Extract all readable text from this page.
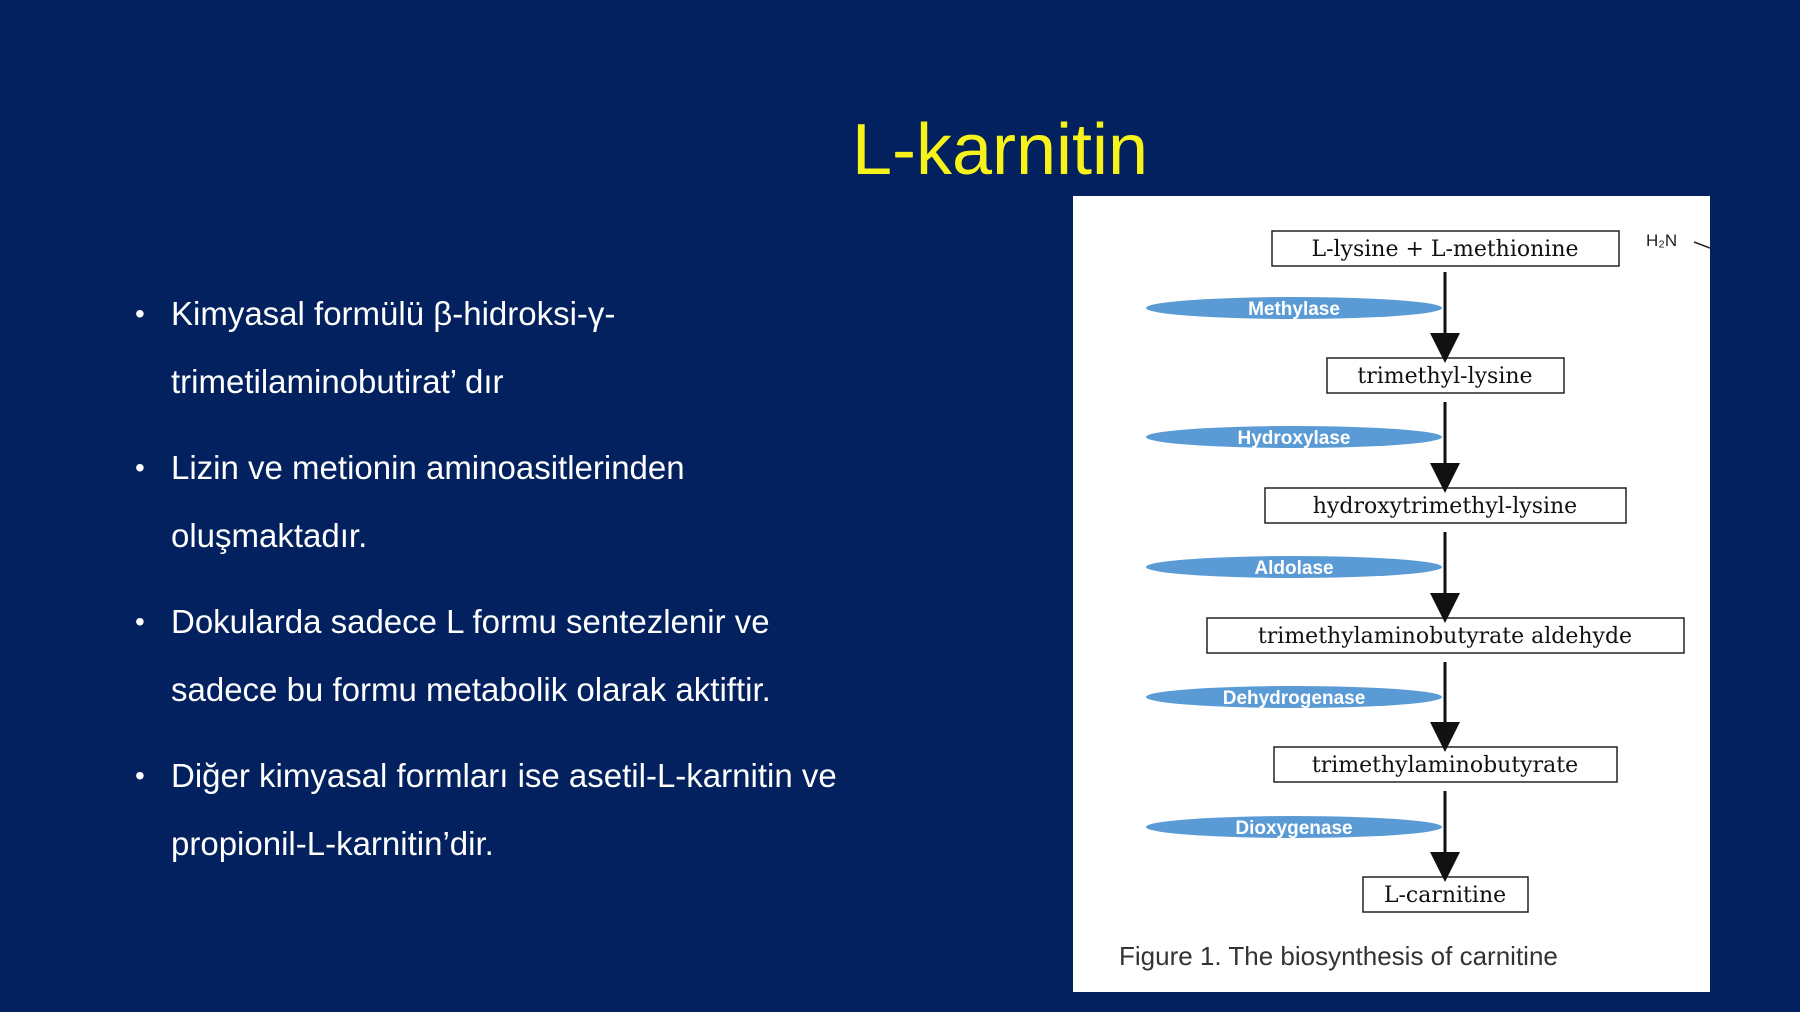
L-karnitin
• Kimyasal formülü β-hidroksi-γ-
trimetilaminobutirat’ dır
• Lizin ve metionin aminoasitlerinden
oluşmaktadır.
• Dokularda sadece L formu sentezlenir ve
sadece bu formu metabolik olarak aktiftir.
• Diğer kimyasal formları ise asetil-L-karnitin ve
propionil-L-karnitin’dir.
H₂N
L-lysine + L-methionine
trimethyl-lysine
hydroxytrimethyl-lysine
trimethylaminobutyrate aldehyde
trimethylaminobutyrate
L-carnitine
Methylase
Hydroxylase
Aldolase
Dehydrogenase
Dioxygenase
Figure 1. The biosynthesis of carnitine
